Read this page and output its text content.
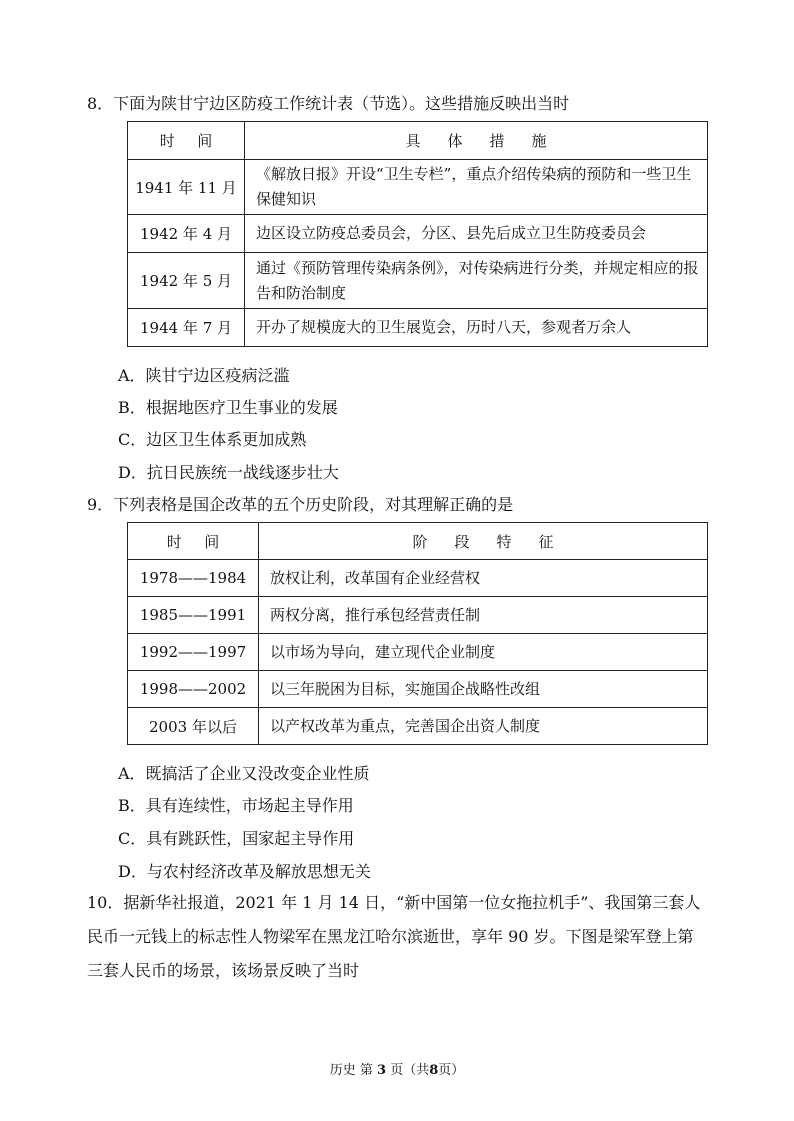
8．下面为陕甘宁边区防疫工作统计表（节选）。这些措施反映出当时
时间	具体措施
1941 年 11 月	《解放日报》开设“卫生专栏”，重点介绍传染病的预防和一些卫生保健知识
1942 年 4 月	边区设立防疫总委员会，分区、县先后成立卫生防疫委员会
1942 年 5 月	通过《预防管理传染病条例》，对传染病进行分类，并规定相应的报告和防治制度
1944 年 7 月	开办了规模庞大的卫生展览会，历时八天，参观者万余人
A．陕甘宁边区疫病泛滥
B．根据地医疗卫生事业的发展
C．边区卫生体系更加成熟
D．抗日民族统一战线逐步壮大
9．下列表格是国企改革的五个历史阶段，对其理解正确的是
时间	阶段特征
1978——1984	放权让利，改革国有企业经营权
1985——1991	两权分离，推行承包经营责任制
1992——1997	以市场为导向，建立现代企业制度
1998——2002	以三年脱困为目标，实施国企战略性改组
2003 年以后	以产权改革为重点，完善国企出资人制度
A．既搞活了企业又没改变企业性质
B．具有连续性，市场起主导作用
C．具有跳跃性，国家起主导作用
D．与农村经济改革及解放思想无关
10．据新华社报道，2021 年 1 月 14 日，“新中国第一位女拖拉机手”、我国第三套人民币一元钱上的标志性人物梁军在黑龙江哈尔滨逝世，享年 90 岁。下图是梁军登上第三套人民币的场景，该场景反映了当时
历史 第 3 页（共8页）
